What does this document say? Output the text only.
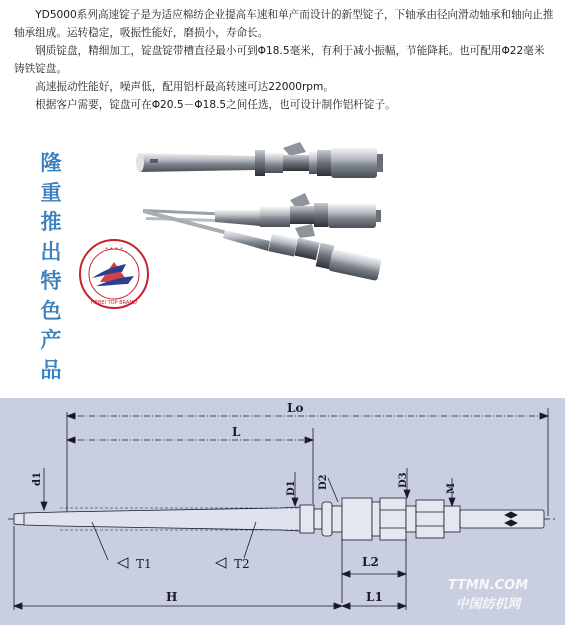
YD5000系列高速锭子是为适应棉纺企业提高车速和单产而设计的新型锭子，下轴承由径向滑动轴承和轴向止推轴承组成。运转稳定，吸振性能好，磨损小，寿命长。

钢质锭盘，精细加工，锭盘锭带槽直径最小可到Φ18.5毫米，有利于减小振幅，节能降耗。也可配用Φ22毫米铸铁锭盘。

高速振动性能好，噪声低，配用铝杆最高转速可达22000rpm。

根据客户需要，锭盘可在Φ20.5－Φ18.5之间任选，也可设计制作铝杆锭子。

隆
重
推
出
特
色
产
品
• • • •
HEBEI TOP BRAND
Lo
L
d1
D1 D2	D3
M
L2
H	L1
T1	T2
TTMN.COM
中国纺机网
